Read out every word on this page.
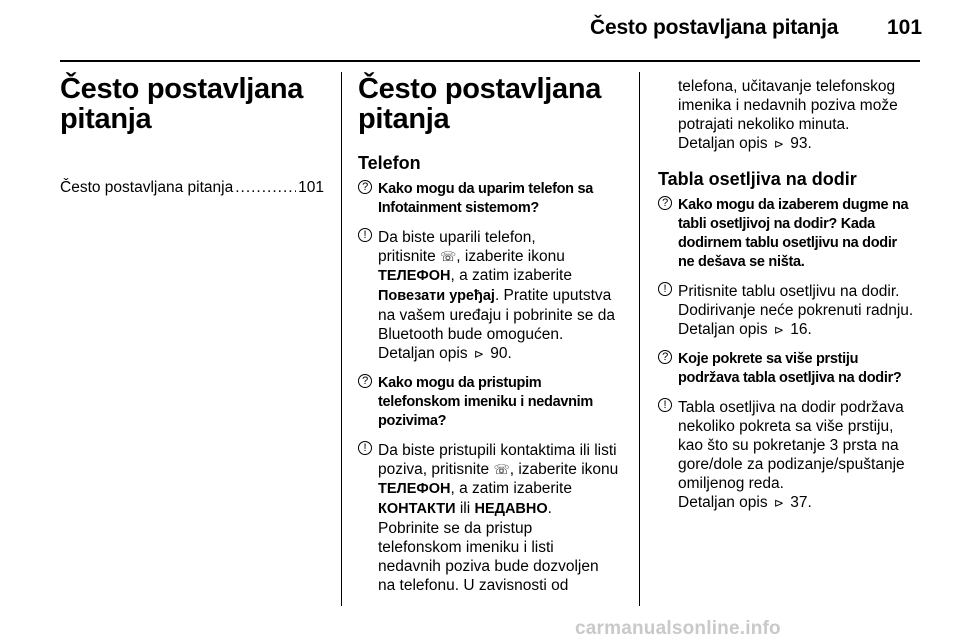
Često postavljana pitanja 101
Često postavljana
pitanja
Često postavljana pitanja
.....	101
Često postavljana
pitanja
Telefon
? Kako mogu da uparim telefon sa
Infotainment sistemom?
! Da biste uparili telefon,

pritisnite ☏, izaberite ikonu

ТЕЛЕФОН, a zatim izaberite

Повезати уређај. Pratite uputstva

na vašem uređaju i pobrinite se da

Bluetooth bude omogućen.

Detaljan opis ⊳ 90.

? Kako mogu da pristupim
telefonskom imeniku i nedavnim
pozivima?
! Da biste pristupili kontaktima ili listi

poziva, pritisnite ☏, izaberite ikonu

ТЕЛЕФОН, a zatim izaberite

КОНТАКТИ ili НЕДАВНО.

Pobrinite se da pristup

telefonskom imeniku i listi

nedavnih poziva bude dozvoljen

na telefonu. U zavisnosti od

telefona, učitavanje telefonskog

imenika i nedavnih poziva može

potrajati nekoliko minuta.

Detaljan opis ⊳ 93.

Tabla osetljiva na dodir
? Kako mogu da izaberem dugme na
tabli osetljivoj na dodir? Kada
dodirnem tablu osetljivu na dodir
ne dešava se ništa.
! Pritisnite tablu osetljivu na dodir.

Dodirivanje neće pokrenuti radnju.

Detaljan opis ⊳ 16.

? Koje pokrete sa više prstiju
podržava tabla osetljiva na dodir?
! Tabla osetljiva na dodir podržava

nekoliko pokreta sa više prstiju,

kao što su pokretanje 3 prsta na

gore/dole za podizanje/spuštanje

omiljenog reda.

Detaljan opis ⊳ 37.

carmanualsonline.info
